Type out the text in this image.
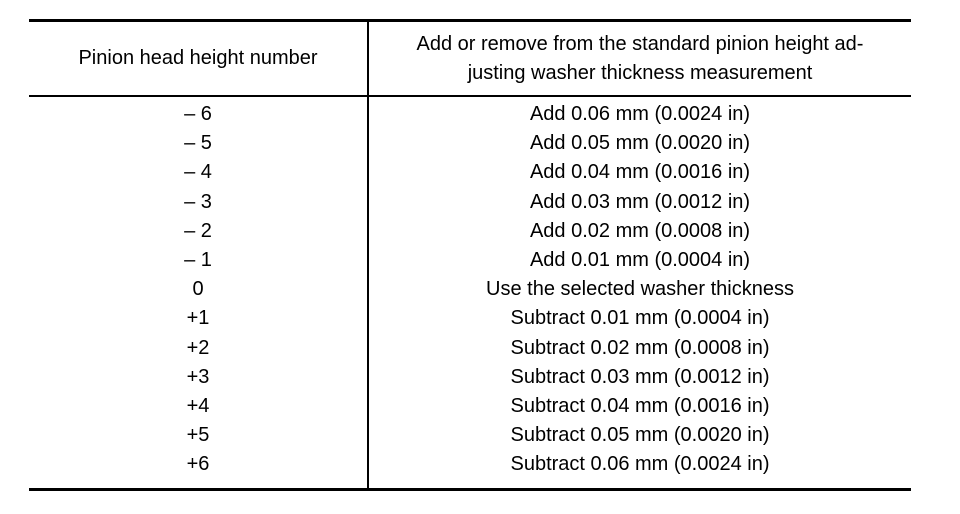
Pinion head height number	Add or remove from the standard pinion height ad-
justing washer thickness measurement
– 6	Add 0.06 mm (0.0024 in)
– 5	Add 0.05 mm (0.0020 in)
– 4	Add 0.04 mm (0.0016 in)
– 3	Add 0.03 mm (0.0012 in)
– 2	Add 0.02 mm (0.0008 in)
– 1	Add 0.01 mm (0.0004 in)
0	Use the selected washer thickness
+1	Subtract 0.01 mm (0.0004 in)
+2	Subtract 0.02 mm (0.0008 in)
+3	Subtract 0.03 mm (0.0012 in)
+4	Subtract 0.04 mm (0.0016 in)
+5	Subtract 0.05 mm (0.0020 in)
+6	Subtract 0.06 mm (0.0024 in)
